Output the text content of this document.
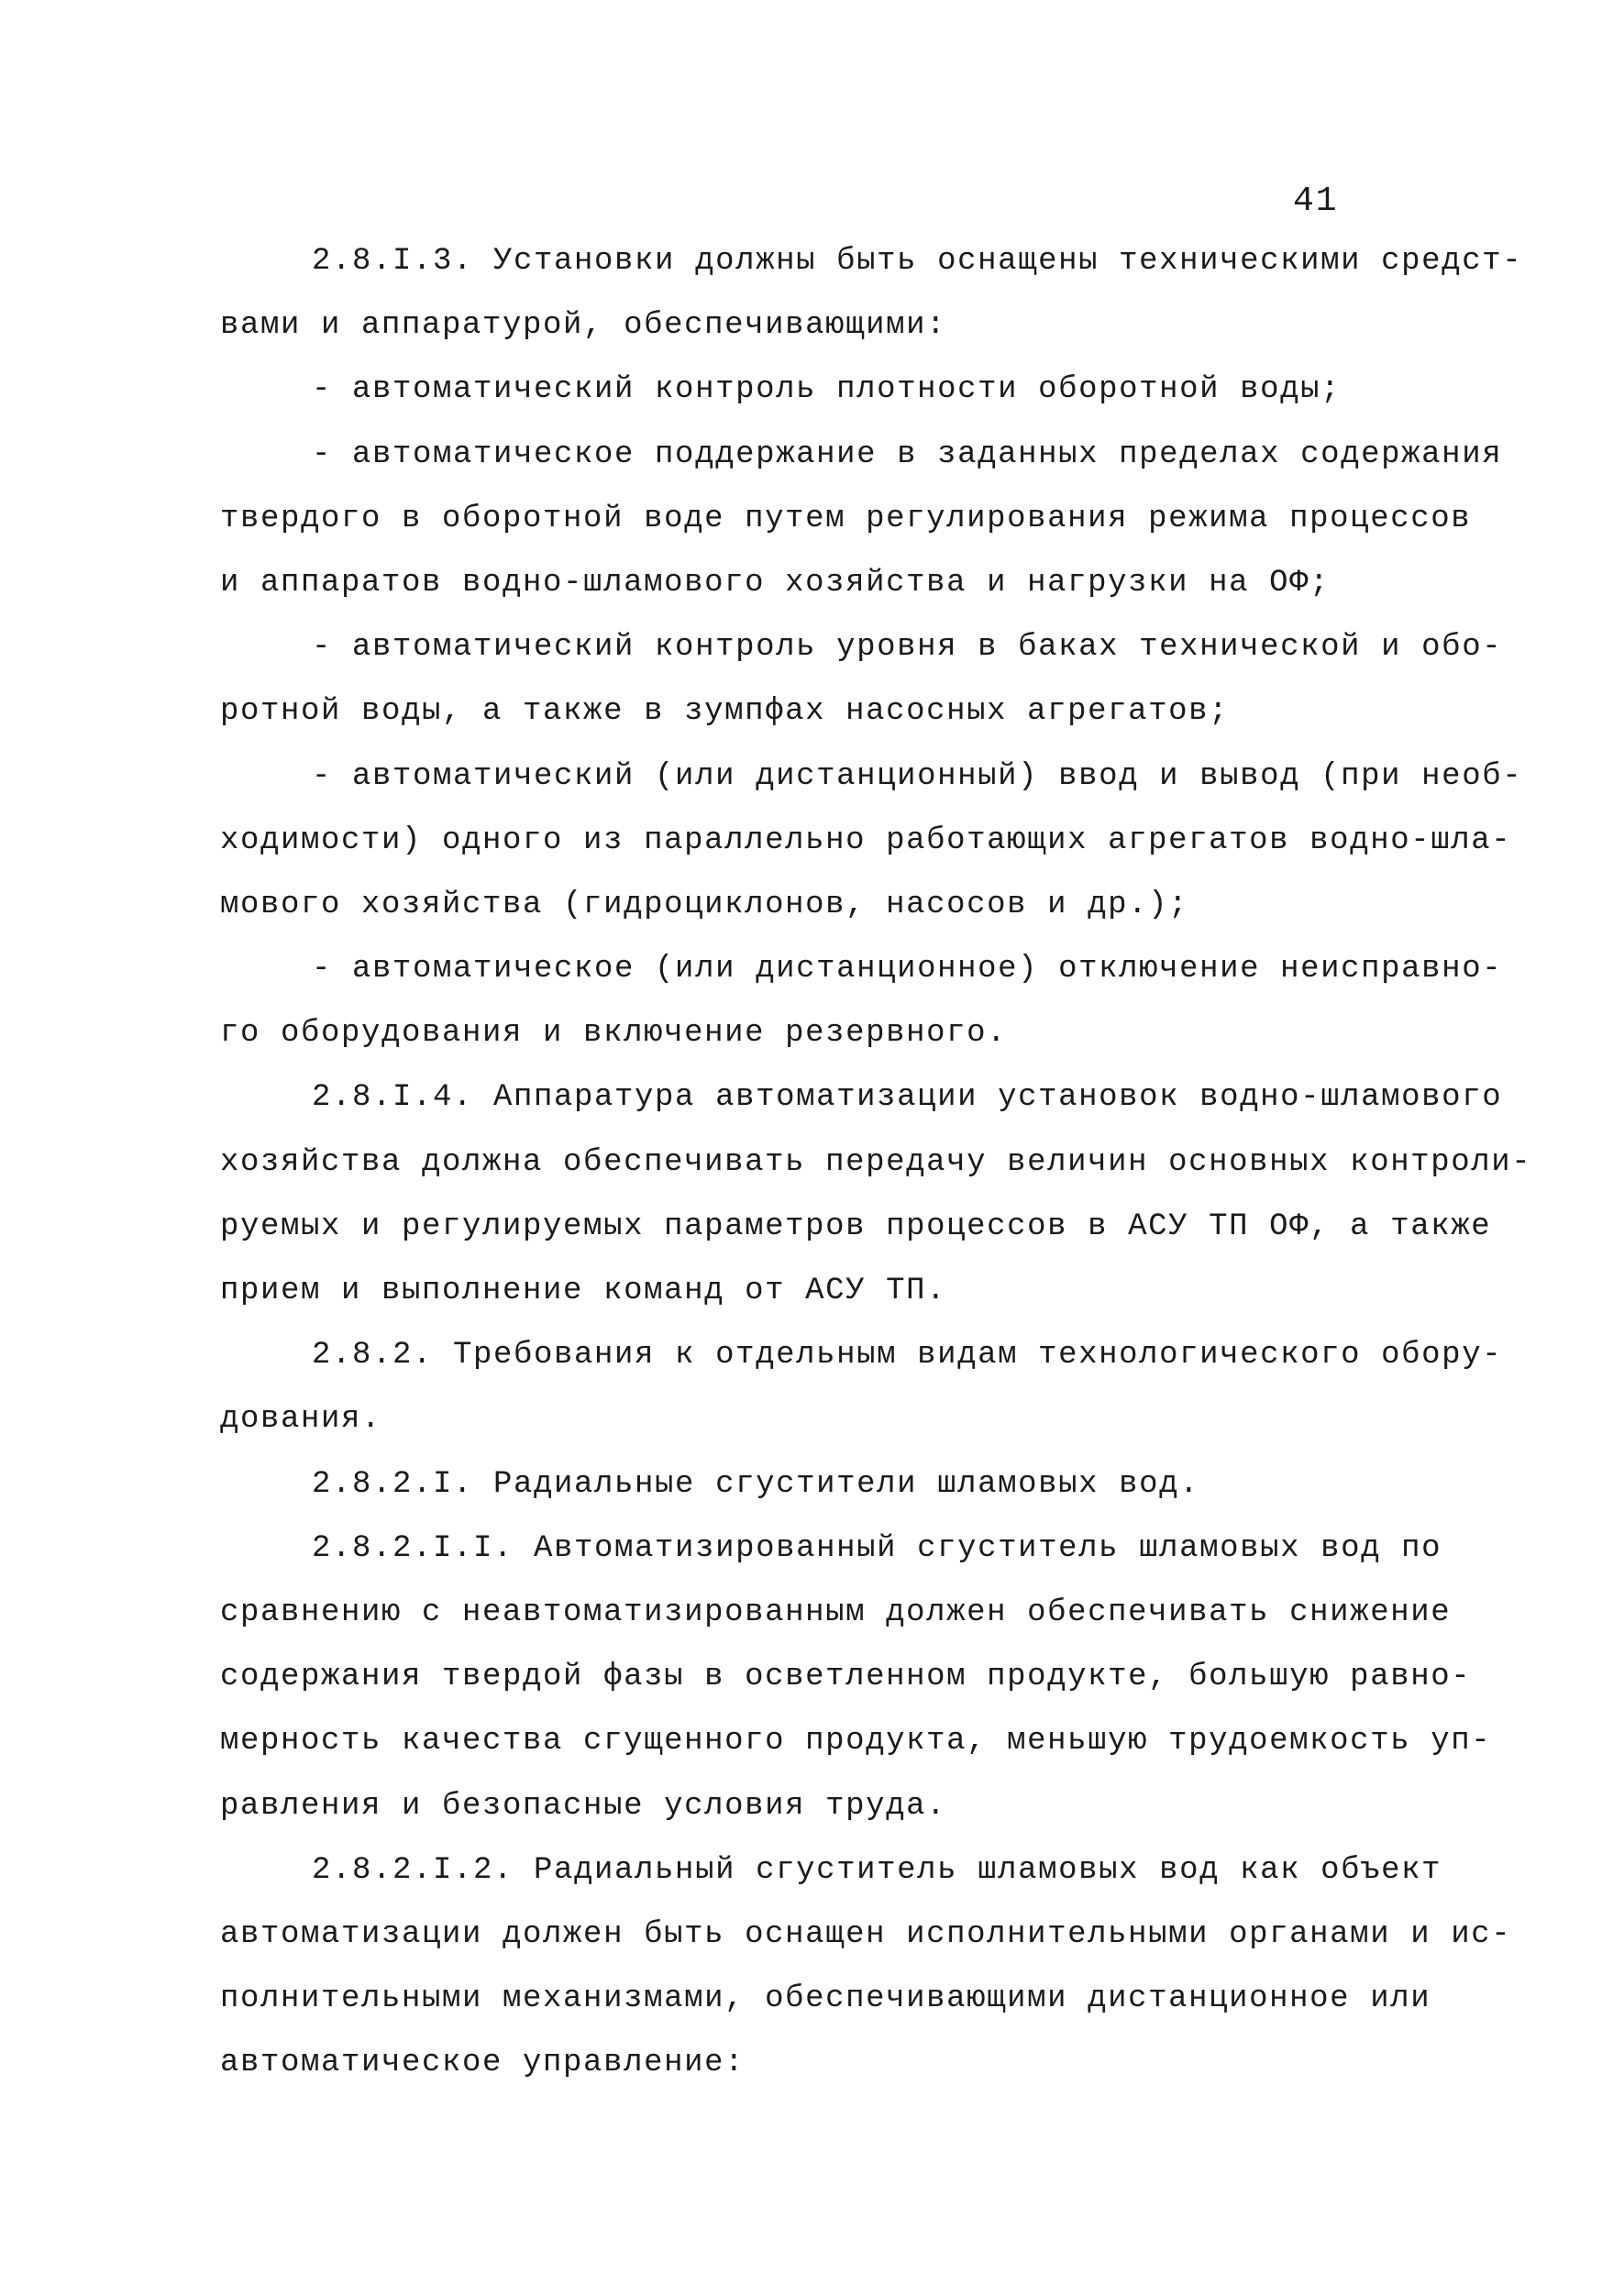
41
2.8.I.3. Установки должны быть оснащены техническими средст-
вами и аппаратурой, обеспечивающими:
- автоматический контроль плотности оборотной воды;
- автоматическое поддержание в заданных пределах содержания
твердого в оборотной воде путем регулирования режима процессов
и аппаратов водно-шламового хозяйства и нагрузки на ОФ;
- автоматический контроль уровня в баках технической и обо-
ротной воды, а также в зумпфах насосных агрегатов;
- автоматический (или дистанционный) ввод и вывод (при необ-
ходимости) одного из параллельно работающих агрегатов водно-шла-
мового хозяйства (гидроциклонов, насосов и др.);
- автоматическое (или дистанционное) отключение неисправно-
го оборудования и включение резервного.
2.8.I.4. Аппаратура автоматизации установок водно-шламового
хозяйства должна обеспечивать передачу величин основных контроли-
руемых и регулируемых параметров процессов в АСУ ТП ОФ, а также
прием и выполнение команд от АСУ ТП.
2.8.2. Требования к отдельным видам технологического обору-
дования.
2.8.2.I. Радиальные сгустители шламовых вод.
2.8.2.I.I. Автоматизированный сгуститель шламовых вод по
сравнению с неавтоматизированным должен обеспечивать снижение
содержания твердой фазы в осветленном продукте, большую равно-
мерность качества сгущенного продукта, меньшую трудоемкость уп-
равления и безопасные условия труда.
2.8.2.I.2. Радиальный сгуститель шламовых вод как объект
автоматизации должен быть оснащен исполнительными органами и ис-
полнительными механизмами, обеспечивающими дистанционное или
автоматическое управление:
